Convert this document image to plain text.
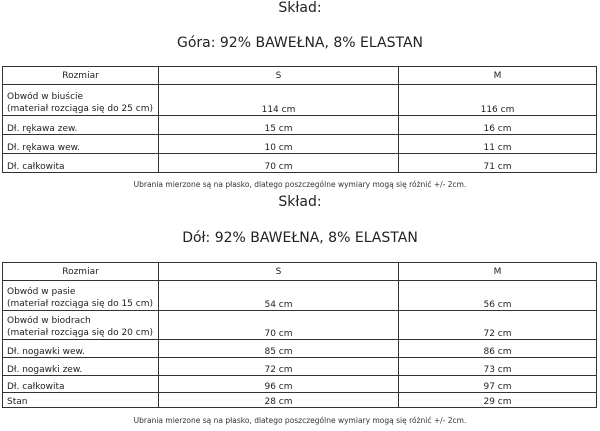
Skład:
Góra: 92% BAWEŁNA, 8% ELASTAN
Rozmiar	S	M

Obwód w biuście
(materiał rozciąga się do 25 cm)	114 cm	116 cm
Dł. rękawa zew.	15 cm	16 cm
Dł. rękawa wew.	10 cm	11 cm
Dł. całkowita	70 cm	71 cm
Ubrania mierzone są na płasko, dlatego poszczególne wymiary mogą się różnić +/- 2cm.
Skład:
Dół: 92% BAWEŁNA, 8% ELASTAN
Rozmiar	S	M

Obwód w pasie
(materiał rozciąga się do 15 cm)	54 cm	56 cm

Obwód w biodrach
(materiał rozciąga się do 20 cm)	70 cm	72 cm
Dł. nogawki wew.	85 cm	86 cm
Dł. nogawki zew.	72 cm	73 cm
Dł. całkowita	96 cm	97 cm
Stan	28 cm	29 cm
Ubrania mierzone są na płasko, dlatego poszczególne wymiary mogą się różnić +/- 2cm.
